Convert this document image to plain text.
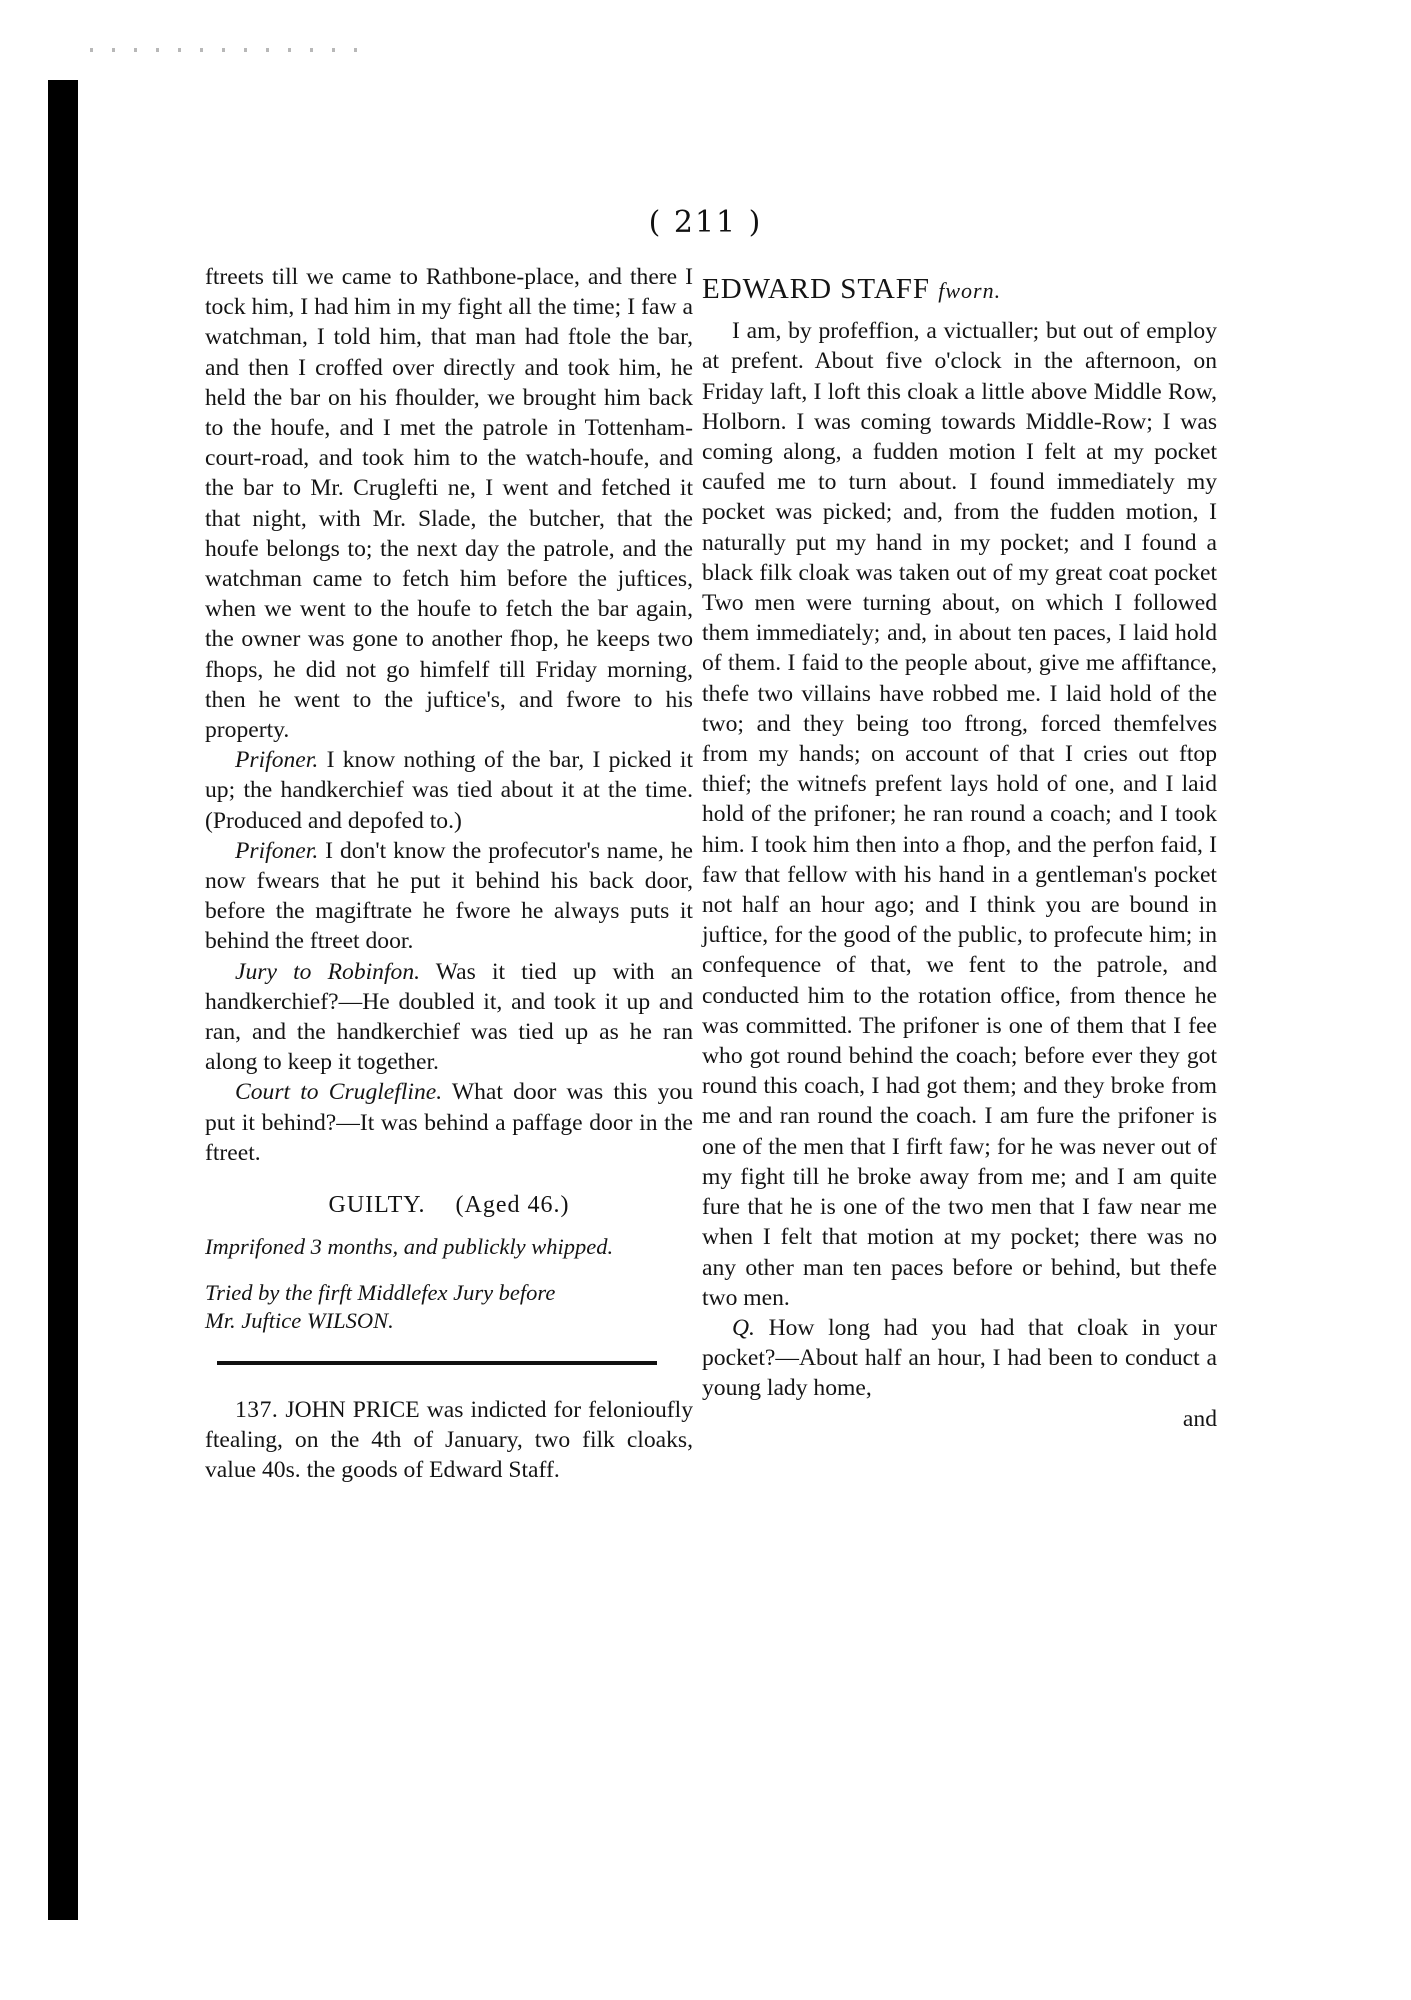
( 211 )

ftreets till we came to Rathbone-place, and there I tock him, I had him in my fight all the time; I faw a watchman, I told him, that man had ftole the bar, and then I croffed over directly and took him, he held the bar on his fhoulder, we brought him back to the houfe, and I met the patrole in Tottenham-court-road, and took him to the watch-houfe, and the bar to Mr. Cruglefti ne, I went and fetched it that night, with Mr. Slade, the butcher, that the houfe belongs to; the next day the patrole, and the watchman came to fetch him before the juftices, when we went to the houfe to fetch the bar again, the owner was gone to another fhop, he keeps two fhops, he did not go himfelf till Friday morning, then he went to the juftice's, and fwore to his property.

Prifoner. I know nothing of the bar, I picked it up; the handkerchief was tied about it at the time. (Produced and depofed to.)

Prifoner. I don't know the profecutor's name, he now fwears that he put it behind his back door, before the magiftrate he fwore he always puts it behind the ftreet door.

Jury to Robinfon. Was it tied up with an handkerchief?—He doubled it, and took it up and ran, and the handkerchief was tied up as he ran along to keep it together.

Court to Cruglefline. What door was this you put it behind?—It was behind a paffage door in the ftreet.

GUILTY. (Aged 46.)

Imprifoned 3 months, and publickly whipped.

Tried by the firft Middlefex Jury before
Mr. Juftice WILSON.

137. JOHN PRICE was indicted for felonioufly ftealing, on the 4th of January, two filk cloaks, value 40s. the goods of Edward Staff.

EDWARD STAFF fworn.

I am, by profeffion, a victualler; but out of employ at prefent. About five o'clock in the afternoon, on Friday laft, I loft this cloak a little above Middle Row, Holborn. I was coming towards Middle-Row; I was coming along, a fudden motion I felt at my pocket caufed me to turn about. I found immediately my pocket was picked; and, from the fudden motion, I naturally put my hand in my pocket; and I found a black filk cloak was taken out of my great coat pocket Two men were turning about, on which I followed them immediately; and, in about ten paces, I laid hold of them. I faid to the people about, give me affiftance, thefe two villains have robbed me. I laid hold of the two; and they being too ftrong, forced themfelves from my hands; on account of that I cries out ftop thief; the witnefs prefent lays hold of one, and I laid hold of the prifoner; he ran round a coach; and I took him. I took him then into a fhop, and the perfon faid, I faw that fellow with his hand in a gentleman's pocket not half an hour ago; and I think you are bound in juftice, for the good of the public, to profecute him; in confequence of that, we fent to the patrole, and conducted him to the rotation office, from thence he was committed. The prifoner is one of them that I fee who got round behind the coach; before ever they got round this coach, I had got them; and they broke from me and ran round the coach. I am fure the prifoner is one of the men that I firft faw; for he was never out of my fight till he broke away from me; and I am quite fure that he is one of the two men that I faw near me when I felt that motion at my pocket; there was no any other man ten paces before or behind, but thefe two men.

Q. How long had you had that cloak in your pocket?—About half an hour, I had been to conduct a young lady home,

and
